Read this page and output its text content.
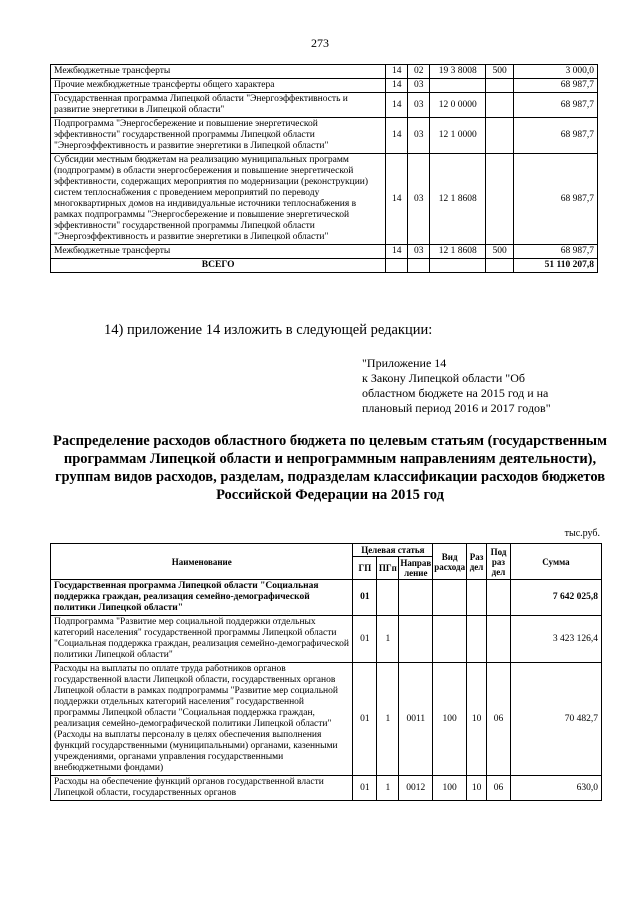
273
Межбюджетные трансферты	14	02	19 3 8008	500	3 000,0
Прочие межбюджетные трансферты общего характера	14	03			68 987,7
Государственная программа Липецкой области "Энергоэффективность и развитие энергетики в Липецкой области"	14	03	12 0 0000		68 987,7
Подпрограмма "Энергосбережение и повышение энергетической эффективности" государственной программы Липецкой области "Энергоэффективность и развитие энергетики в Липецкой области"	14	03	12 1 0000		68 987,7
Субсидии местным бюджетам на реализацию муниципальных программ (подпрограмм) в области энергосбережения и повышение энергетической эффективности, содержащих мероприятия по модернизации (реконструкции) систем теплоснабжения с проведением мероприятий по переводу многоквартирных домов на индивидуальные источники теплоснабжения в рамках подпрограммы "Энергосбережение и повышение энергетической эффективности" государственной программы Липецкой области "Энергоэффективность и развитие энергетики в Липецкой области"	14	03	12 1 8608		68 987,7
Межбюджетные трансферты	14	03	12 1 8608	500	68 987,7
ВСЕГО					51 110 207,8
14) приложение 14 изложить в следующей редакции:
"Приложение 14
к Закону Липецкой области "Об
областном бюджете на 2015 год и на
плановый период 2016 и 2017 годов"
Распределение расходов областного бюджета по целевым статьям (государственным программам Липецкой области и непрограммным направлениям деятельности), группам видов расходов, разделам, подразделам классификации расходов бюджетов Российской Федерации на 2015 год
тыс.руб.
Наименование	Целевая статья			Вид расхода	Раз дел	Под раз дел	Сумма
	ГП	ПГп	Направ ление				
Государственная программа Липецкой области "Социальная поддержка граждан, реализация семейно-демографической политики Липецкой области"	01						7 642 025,8
Подпрограмма "Развитие мер социальной поддержки отдельных категорий населения" государственной программы Липецкой области "Социальная поддержка граждан, реализация семейно-демографической политики Липецкой области"	01	1					3 423 126,4
Расходы на выплаты по оплате труда работников органов государственной власти Липецкой области, государственных органов Липецкой области в рамках подпрограммы "Развитие мер социальной поддержки отдельных категорий населения" государственной программы Липецкой области "Социальная поддержка граждан, реализация семейно-демографической политики Липецкой области" (Расходы на выплаты персоналу в целях обеспечения выполнения функций государственными (муниципальными) органами, казенными учреждениями, органами управления государственными внебюджетными фондами)	01	1	0011	100	10	06	70 482,7
Расходы на обеспечение функций органов государственной власти Липецкой области, государственных органов	01	1	0012	100	10	06	630,0
